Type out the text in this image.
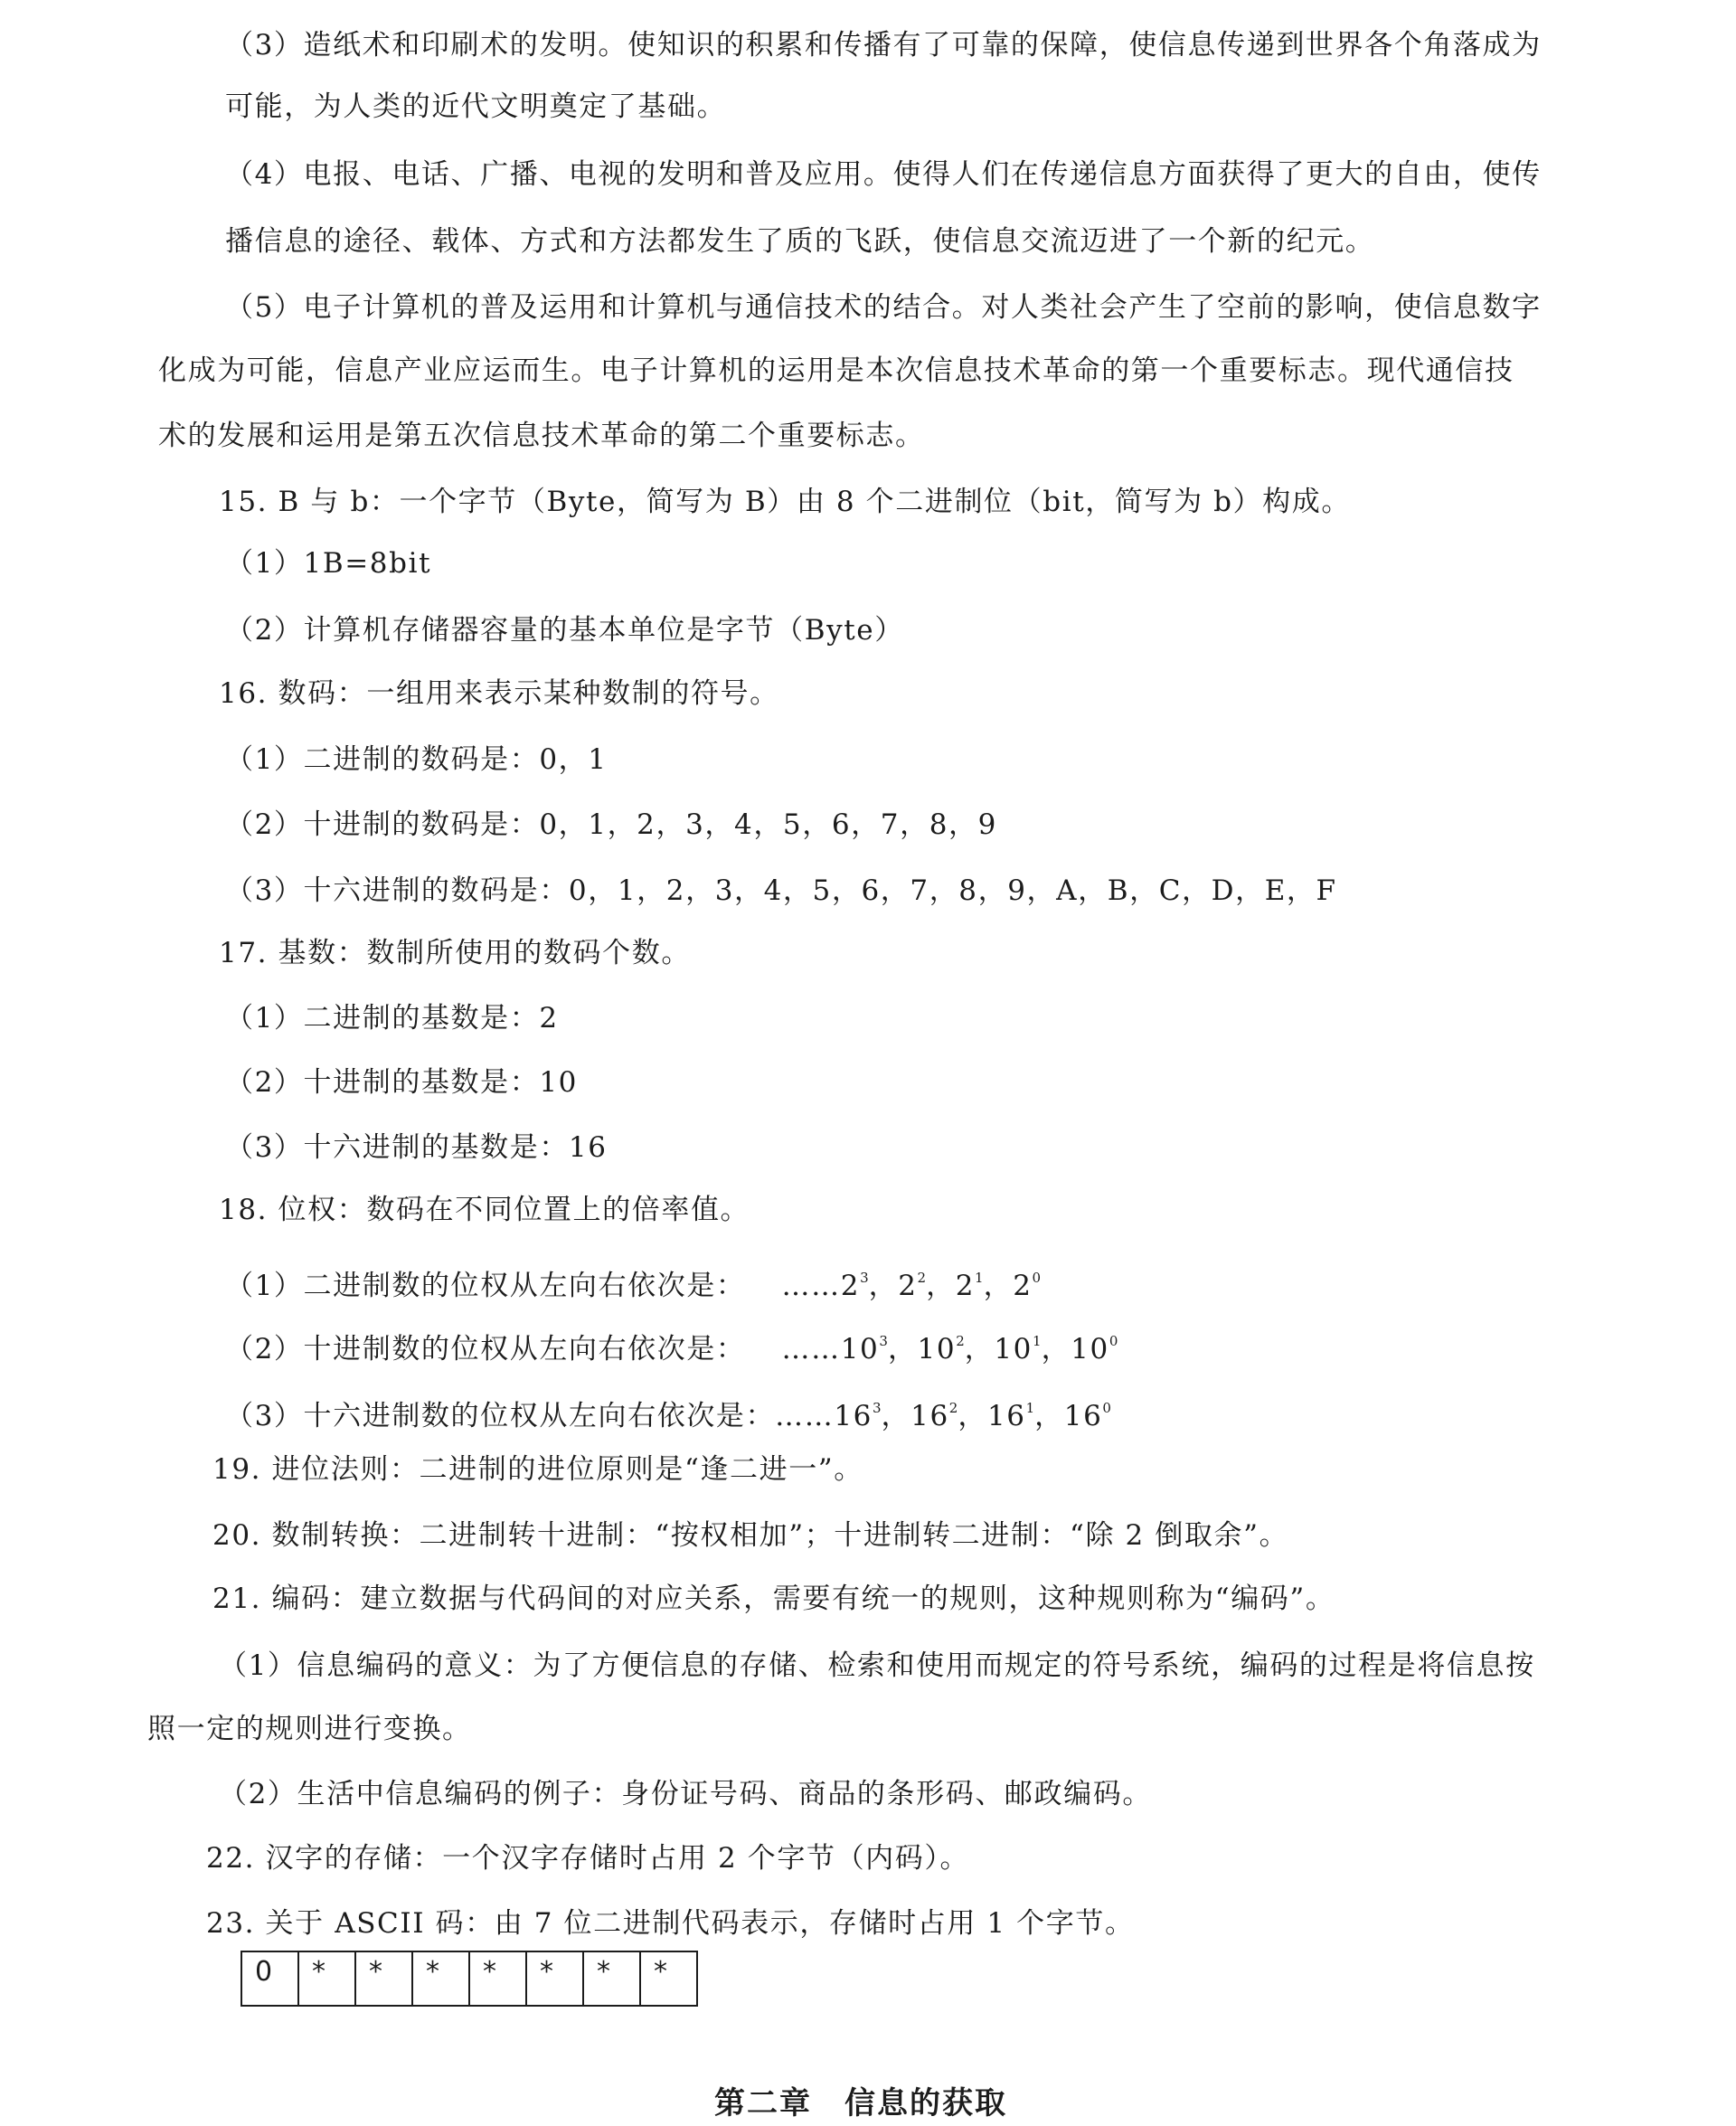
（3）造纸术和印刷术的发明。使知识的积累和传播有了可靠的保障，使信息传递到世界各个角落成为
可能，为人类的近代文明奠定了基础。
（4）电报、电话、广播、电视的发明和普及应用。使得人们在传递信息方面获得了更大的自由，使传
播信息的途径、载体、方式和方法都发生了质的飞跃，使信息交流迈进了一个新的纪元。
（5）电子计算机的普及运用和计算机与通信技术的结合。对人类社会产生了空前的影响，使信息数字
化成为可能，信息产业应运而生。电子计算机的运用是本次信息技术革命的第一个重要标志。现代通信技
术的发展和运用是第五次信息技术革命的第二个重要标志。
15. B 与 b：一个字节（Byte，简写为 B）由 8 个二进制位（bit，简写为 b）构成。
（1）1B=8bit
（2）计算机存储器容量的基本单位是字节（Byte）
16. 数码：一组用来表示某种数制的符号。
（1）二进制的数码是：0，1
（2）十进制的数码是：0，1，2，3，4，5，6，7，8，9
（3）十六进制的数码是：0，1，2，3，4，5，6，7，8，9，A，B，C，D，E，F
17. 基数：数制所使用的数码个数。
（1）二进制的基数是：2
（2）十进制的基数是：10
（3）十六进制的基数是：16
18. 位权：数码在不同位置上的倍率值。
（1）二进制数的位权从左向右依次是： $\dots\dots 2^3$，$2^2$，$2^1$，$2^0$
（2）十进制数的位权从左向右依次是： $\dots\dots 10^3$，$10^2$，$10^1$，$10^0$
（3）十六进制数的位权从左向右依次是：$\dots\dots 16^3$，$16^2$，$16^1$，$16^0$
19. 进位法则：二进制的进位原则是“逢二进一”。
20. 数制转换：二进制转十进制：“按权相加”；十进制转二进制：“除 2 倒取余”。
21. 编码：建立数据与代码间的对应关系，需要有统一的规则，这种规则称为“编码”。
（1）信息编码的意义：为了方便信息的存储、检索和使用而规定的符号系统，编码的过程是将信息按
照一定的规则进行变换。
（2）生活中信息编码的例子：身份证号码、商品的条形码、邮政编码。
22. 汉字的存储：一个汉字存储时占用 2 个字节（内码）。
23. 关于 ASCII 码：由 7 位二进制代码表示，存储时占用 1 个字节。
0	*	*	*	*	*	*	*
第二章　信息的获取
